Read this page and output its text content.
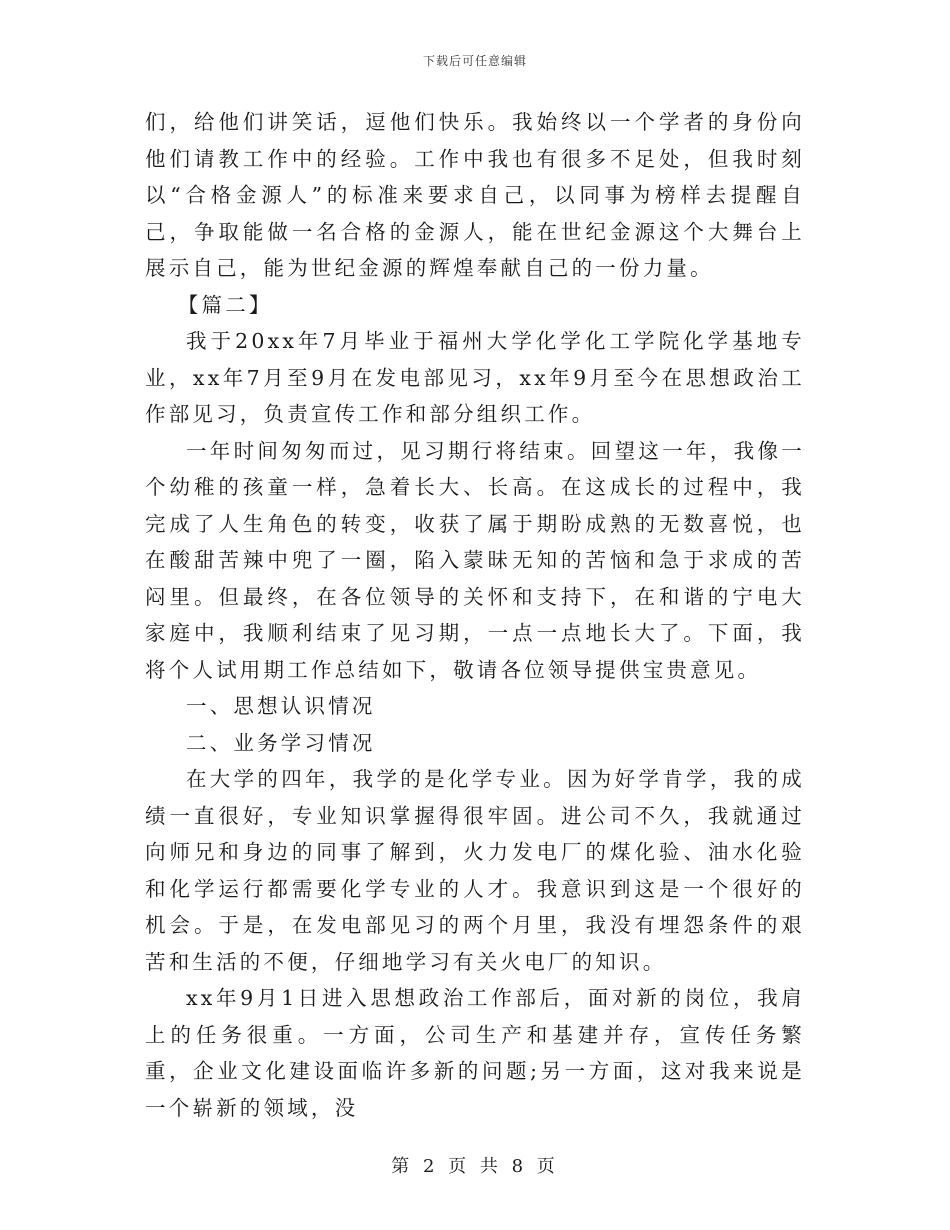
下载后可任意编辑

们，给他们讲笑话，逗他们快乐。我始终以一个学者的身份向他们请教工作中的经验。工作中我也有很多不足处，但我时刻以“合格金源人”的标准来要求自己，以同事为榜样去提醒自己，争取能做一名合格的金源人，能在世纪金源这个大舞台上展示自己，能为世纪金源的辉煌奉献自己的一份力量。

【篇二】

我于20xx年7月毕业于福州大学化学化工学院化学基地专业，xx年7月至9月在发电部见习，xx年9月至今在思想政治工作部见习，负责宣传工作和部分组织工作。

一年时间匆匆而过，见习期行将结束。回望这一年，我像一个幼稚的孩童一样，急着长大、长高。在这成长的过程中，我完成了人生角色的转变，收获了属于期盼成熟的无数喜悦，也在酸甜苦辣中兜了一圈，陷入蒙昧无知的苦恼和急于求成的苦闷里。但最终，在各位领导的关怀和支持下，在和谐的宁电大家庭中，我顺利结束了见习期，一点一点地长大了。下面，我将个人试用期工作总结如下，敬请各位领导提供宝贵意见。

一、思想认识情况

二、业务学习情况

在大学的四年，我学的是化学专业。因为好学肯学，我的成绩一直很好，专业知识掌握得很牢固。进公司不久，我就通过向师兄和身边的同事了解到，火力发电厂的煤化验、油水化验和化学运行都需要化学专业的人才。我意识到这是一个很好的机会。于是，在发电部见习的两个月里，我没有埋怨条件的艰苦和生活的不便，仔细地学习有关火电厂的知识。

xx年9月1日进入思想政治工作部后，面对新的岗位，我肩上的任务很重。一方面，公司生产和基建并存，宣传任务繁重，企业文化建设面临许多新的问题;另一方面，这对我来说是一个崭新的领域，没

第 2 页 共 8 页
